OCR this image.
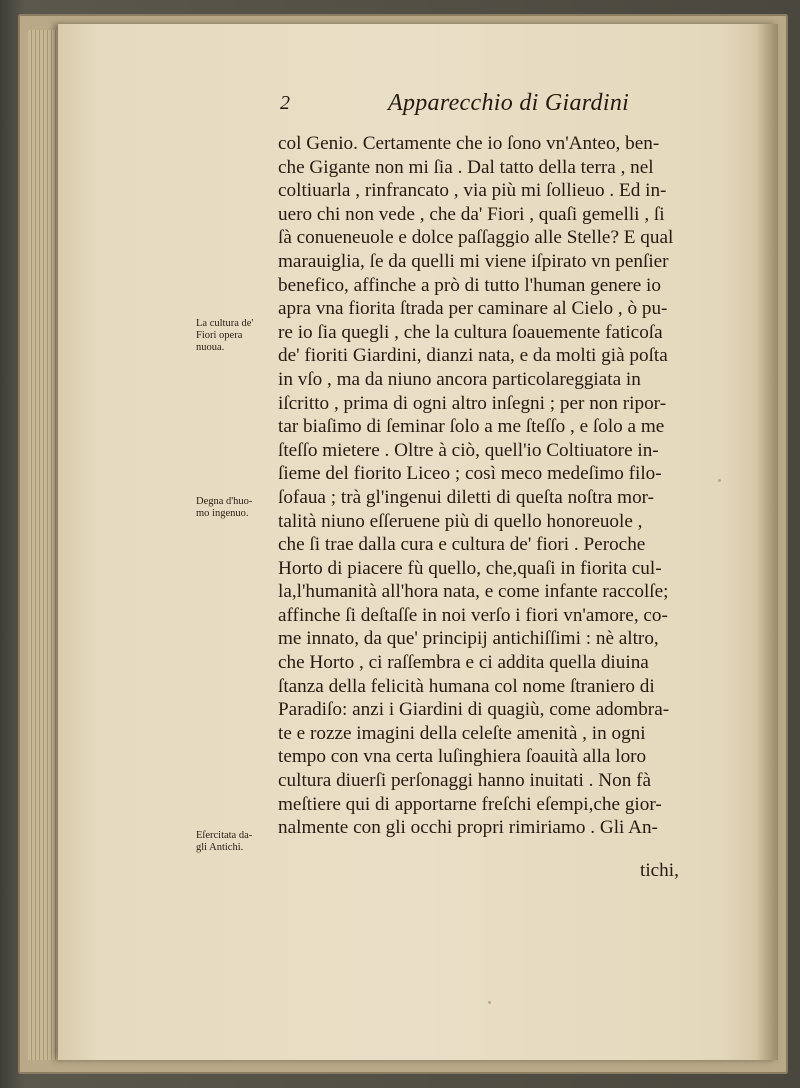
2	Apparecchio di Giardini
col Genio. Certamente che io ſono vn'Anteo, ben-
che Gigante non mi ſia . Dal tatto della terra , nel
coltiuarla , rinfrancato , via più mi ſollieuo . Ed in-
uero chi non vede , che da' Fiori , quaſi gemelli , ſi
ſà conueneuole e dolce paſſaggio alle Stelle? E qual
marauiglia, ſe da quelli mi viene iſpirato vn penſier
benefico, affinche a prò di tutto l'human genere io
apra vna fiorita ſtrada per caminare al Cielo , ò pu-
re io ſia quegli , che la cultura ſoauemente faticoſa
de' fioriti Giardini, dianzi nata, e da molti già poſta
in vſo , ma da niuno ancora particolareggiata in
iſcritto , prima di ogni altro inſegni ; per non ripor-
tar biaſimo di ſeminar ſolo a me ſteſſo , e ſolo a me
ſteſſo mietere . Oltre à ciò, quell'io Coltiuatore in-
ſieme del fiorito Liceo ; così meco medeſimo filo-
ſofaua ; trà gl'ingenui diletti di queſta noſtra mor-
talità niuno eſſeruene più di quello honoreuole ,
che ſi trae dalla cura e cultura de' fiori . Peroche
Horto di piacere fù quello, che,quaſi in fiorita cul-
la,l'humanità all'hora nata, e come infante raccolſe;
affinche ſi deſtaſſe in noi verſo i fiori vn'amore, co-
me innato, da que' principij antichiſſimi : nè altro,
che Horto , ci raſſembra e ci addita quella diuina
ſtanza della felicità humana col nome ſtraniero di
Paradiſo: anzi i Giardini di quagiù, come adombra-
te e rozze imagini della celeſte amenità , in ogni
tempo con vna certa luſinghiera ſoauità alla loro
cultura diuerſi perſonaggi hanno inuitati . Non fà
meſtiere qui di apportarne freſchi eſempi,che gior-
nalmente con gli occhi propri rimiriamo . Gli An-
tichi,
La cultura de'
Fiori opera
nuoua.
Degna d'huo-
mo ingenuo.
Eſercitata da-
gli Antichi.
